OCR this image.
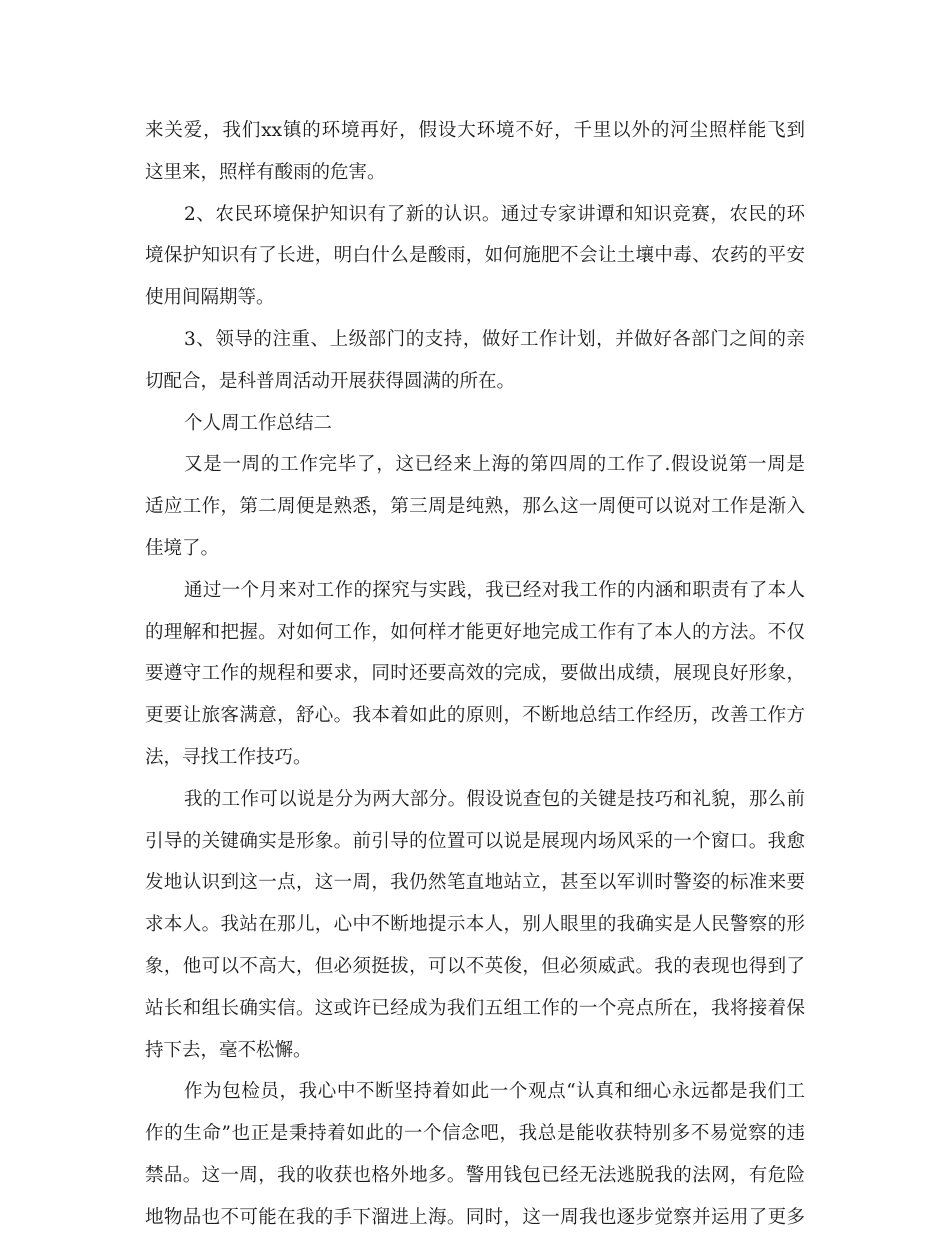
来关爱，我们xx镇的环境再好，假设大环境不好，千里以外的河尘照样能飞到
这里来，照样有酸雨的危害。
2、农民环境保护知识有了新的认识。通过专家讲谭和知识竞赛，农民的环
境保护知识有了长进，明白什么是酸雨，如何施肥不会让土壤中毒、农药的平安
使用间隔期等。
3、领导的注重、上级部门的支持，做好工作计划，并做好各部门之间的亲
切配合，是科普周活动开展获得圆满的所在。
个人周工作总结二
又是一周的工作完毕了，这已经来上海的第四周的工作了.假设说第一周是
适应工作，第二周便是熟悉，第三周是纯熟，那么这一周便可以说对工作是渐入
佳境了。
通过一个月来对工作的探究与实践，我已经对我工作的内涵和职责有了本人
的理解和把握。对如何工作，如何样才能更好地完成工作有了本人的方法。不仅
要遵守工作的规程和要求，同时还要高效的完成，要做出成绩，展现良好形象，
更要让旅客满意，舒心。我本着如此的原则，不断地总结工作经历，改善工作方
法，寻找工作技巧。
我的工作可以说是分为两大部分。假设说查包的关键是技巧和礼貌，那么前
引导的关键确实是形象。前引导的位置可以说是展现内场风采的一个窗口。我愈
发地认识到这一点，这一周，我仍然笔直地站立，甚至以军训时警姿的标准来要
求本人。我站在那儿，心中不断地提示本人，别人眼里的我确实是人民警察的形
象，他可以不高大，但必须挺拔，可以不英俊，但必须威武。我的表现也得到了
站长和组长确实信。这或许已经成为我们五组工作的一个亮点所在，我将接着保
持下去，毫不松懈。
作为包检员，我心中不断坚持着如此一个观点“认真和细心永远都是我们工
作的生命”也正是秉持着如此的一个信念吧，我总是能收获特别多不易觉察的违
禁品。这一周，我的收获也格外地多。警用钱包已经无法逃脱我的法网，有危险
地物品也不可能在我的手下溜进上海。同时，这一周我也逐步觉察并运用了更多
